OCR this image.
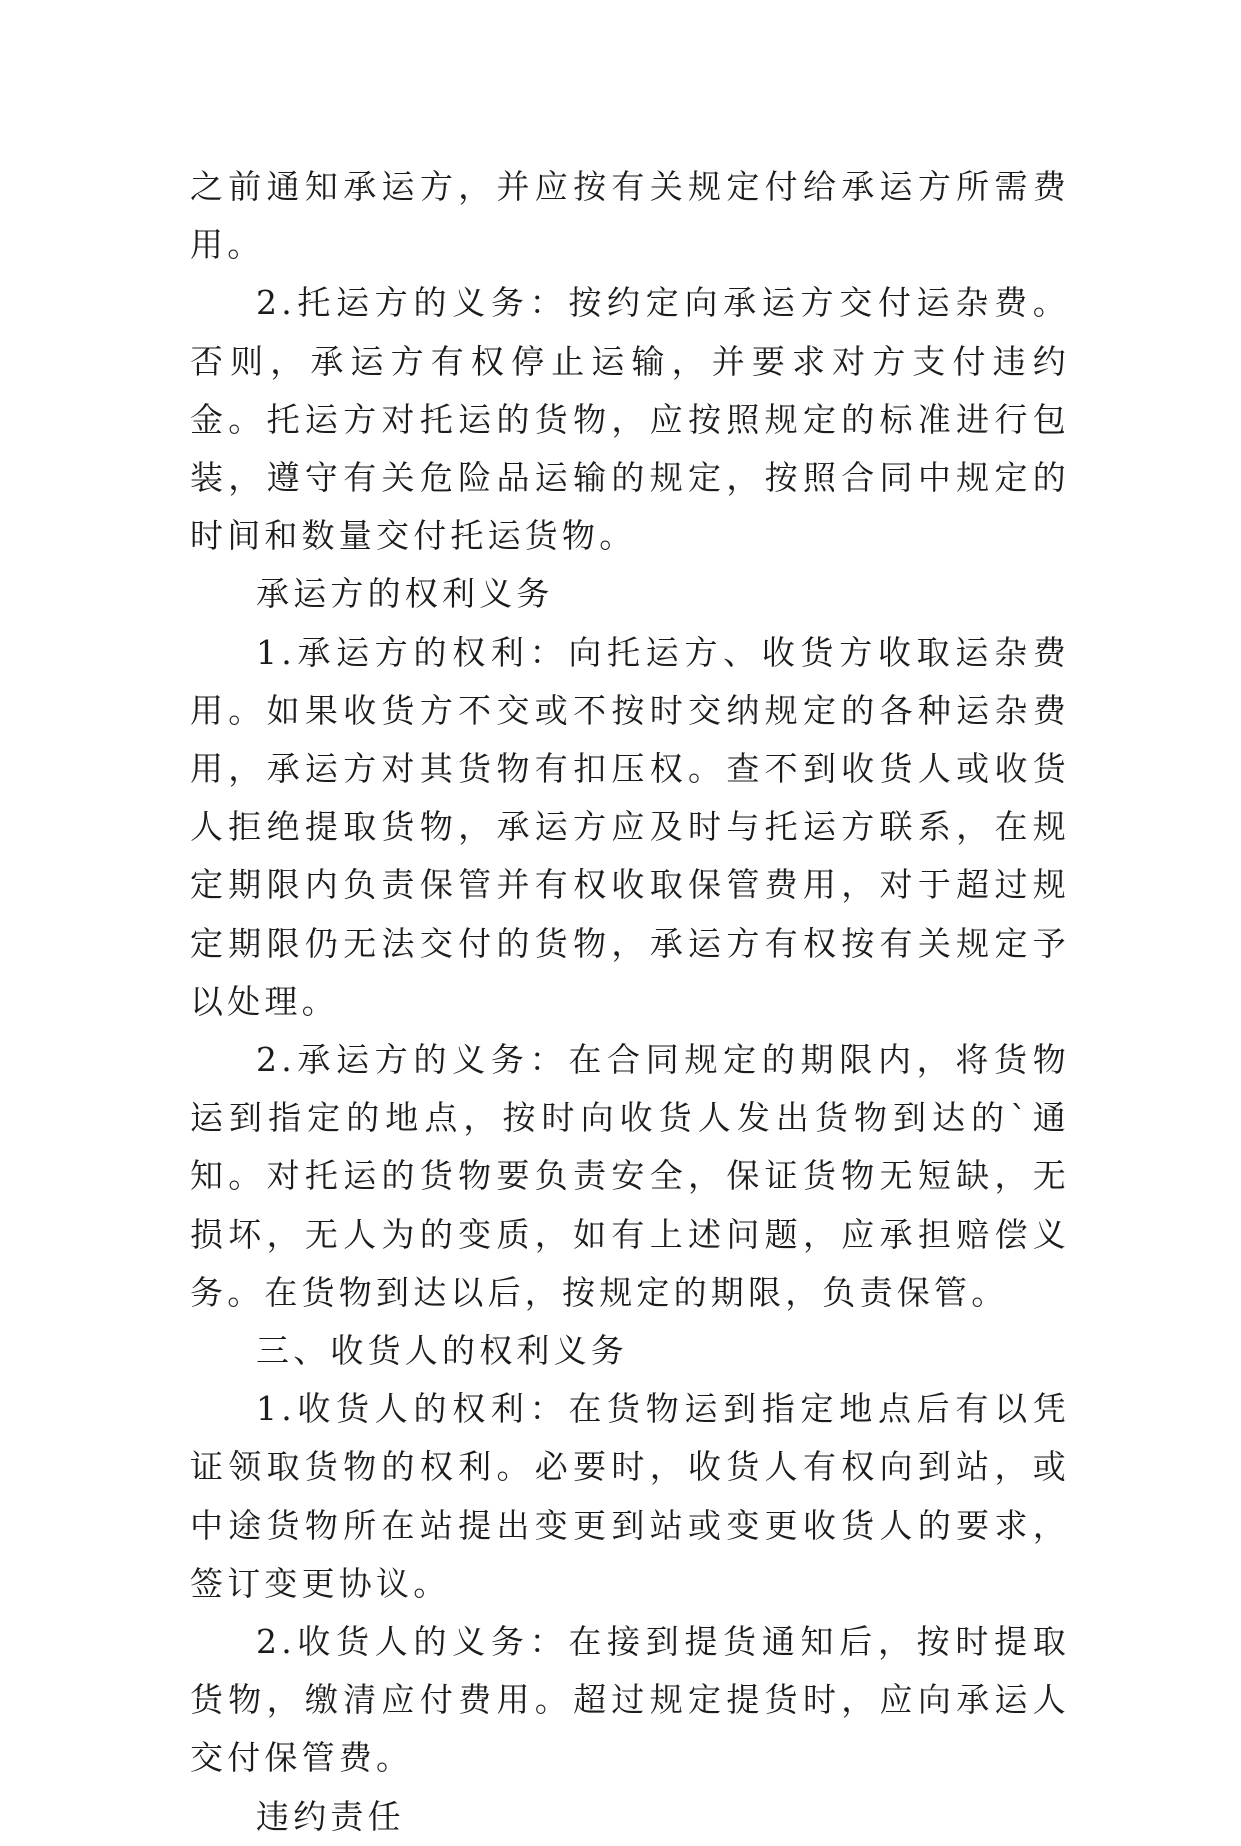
之前通知承运方，并应按有关规定付给承运方所需费用。

2.托运方的义务：按约定向承运方交付运杂费。否则，承运方有权停止运输，并要求对方支付违约金。托运方对托运的货物，应按照规定的标准进行包装，遵守有关危险品运输的规定，按照合同中规定的时间和数量交付托运货物。

承运方的权利义务

1.承运方的权利：向托运方、收货方收取运杂费用。如果收货方不交或不按时交纳规定的各种运杂费用，承运方对其货物有扣压权。查不到收货人或收货人拒绝提取货物，承运方应及时与托运方联系，在规定期限内负责保管并有权收取保管费用，对于超过规定期限仍无法交付的货物，承运方有权按有关规定予以处理。

2.承运方的义务：在合同规定的期限内，将货物运到指定的地点，按时向收货人发出货物到达的`通知。对托运的货物要负责安全，保证货物无短缺，无损坏，无人为的变质，如有上述问题，应承担赔偿义务。在货物到达以后，按规定的期限，负责保管。

三、收货人的权利义务

1.收货人的权利：在货物运到指定地点后有以凭证领取货物的权利。必要时，收货人有权向到站，或中途货物所在站提出变更到站或变更收货人的要求，签订变更协议。

2.收货人的义务：在接到提货通知后，按时提取货物，缴清应付费用。超过规定提货时，应向承运人交付保管费。

违约责任
